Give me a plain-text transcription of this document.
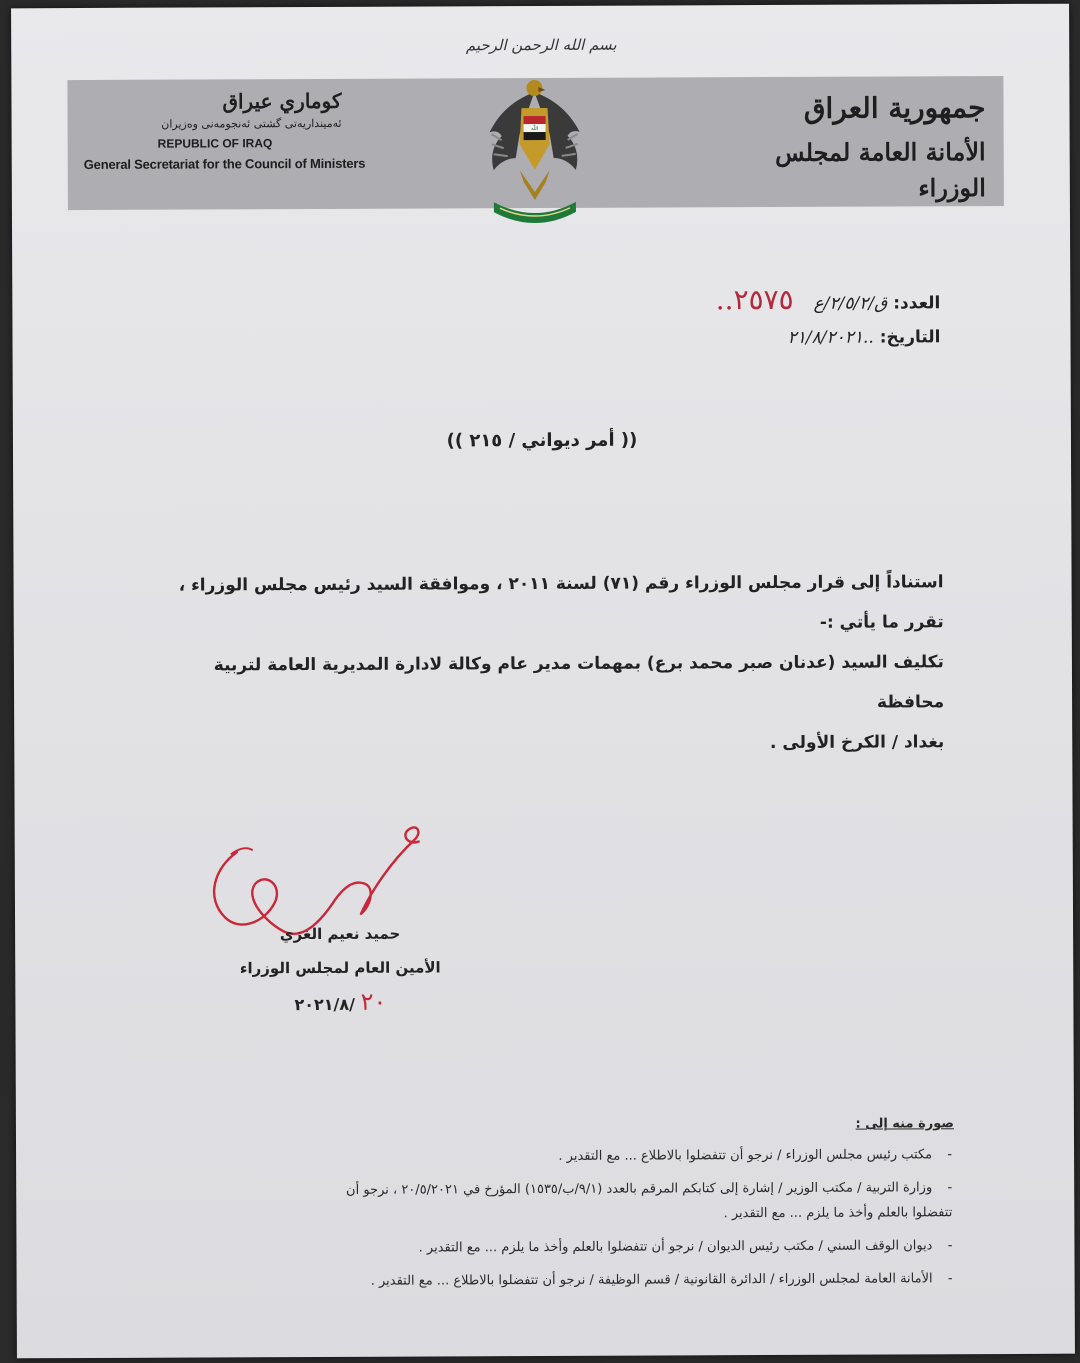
بسم الله الرحمن الرحيم
كوماري عيراق
ئەمینداریەتی گشتی ئەنجومەنی وەزیران
REPUBLIC OF IRAQ
General Secretariat for the Council of Ministers
اللّٰه
جمهورية العراق
الأمانة العامة لمجلس الوزراء
العدد: ق/٢/٥/٢/ع ٢٥٧٥..
التاريخ: ..٢١/٨/٢٠٢١
(( أمر ديواني / ٢١٥ ))
استناداً إلى قرار مجلس الوزراء رقم (٧١) لسنة ٢٠١١ ، وموافقة السيد رئيس مجلس الوزراء ،
تقرر ما يأتي :-
تكليف السيد (عدنان صبر محمد برع) بمهمات مدير عام وكالة لادارة المديرية العامة لتربية محافظة
بغداد / الكرخ الأولى .
حميد نعيم الغزي
الأمين العام لمجلس الوزراء
٢٠ /٢٠٢١/٨
صورة منه إلى :
-مكتب رئيس مجلس الوزراء / نرجو أن تتفضلوا بالاطلاع ... مع التقدير .
-وزارة التربية / مكتب الوزير / إشارة إلى كتابكم المرقم بالعدد (٩/١/ب/١٥٣٥) المؤرخ في ٢٠/٥/٢٠٢١ ، نرجو أن
تتفضلوا بالعلم وأخذ ما يلزم ... مع التقدير .
-ديوان الوقف السني / مكتب رئيس الديوان / نرجو أن تتفضلوا بالعلم وأخذ ما يلزم ... مع التقدير .
-الأمانة العامة لمجلس الوزراء / الدائرة القانونية / قسم الوظيفة / نرجو أن تتفضلوا بالاطلاع ... مع التقدير .
